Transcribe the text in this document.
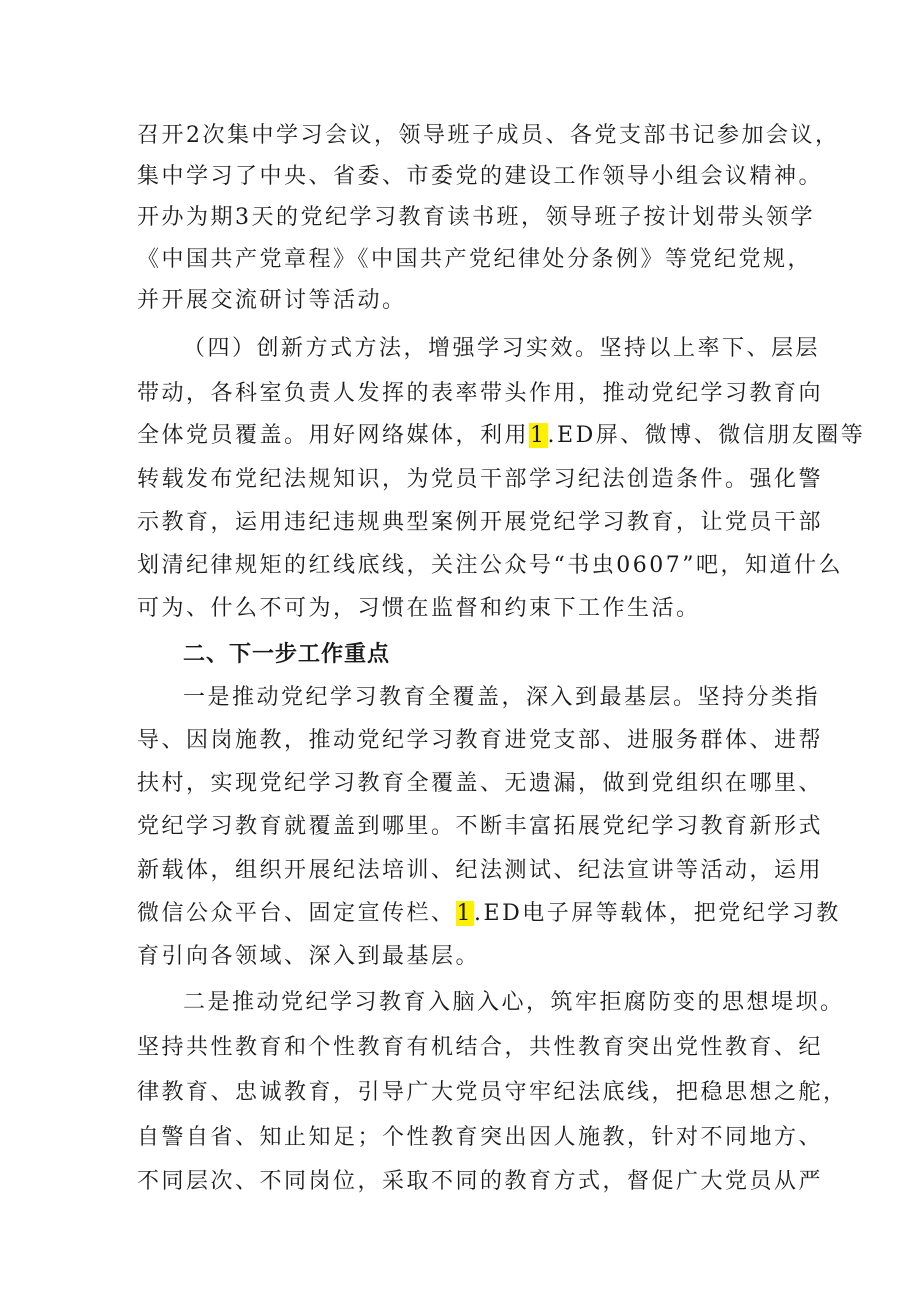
召开2次集中学习会议，领导班子成员、各党支部书记参加会议，
集中学习了中央、省委、市委党的建设工作领导小组会议精神。
开办为期3天的党纪学习教育读书班，领导班子按计划带头领学
《中国共产党章程》《中国共产党纪律处分条例》等党纪党规，
并开展交流研讨等活动。
（四）创新方式方法，增强学习实效。坚持以上率下、层层
带动，各科室负责人发挥的表率带头作用，推动党纪学习教育向
全体党员覆盖。用好网络媒体，利用1.ED屏、微博、微信朋友圈等
转载发布党纪法规知识，为党员干部学习纪法创造条件。强化警
示教育，运用违纪违规典型案例开展党纪学习教育，让党员干部
划清纪律规矩的红线底线，关注公众号“书虫0607”吧，知道什么
可为、什么不可为，习惯在监督和约束下工作生活。
二、下一步工作重点
一是推动党纪学习教育全覆盖，深入到最基层。坚持分类指
导、因岗施教，推动党纪学习教育进党支部、进服务群体、进帮
扶村，实现党纪学习教育全覆盖、无遗漏，做到党组织在哪里、
党纪学习教育就覆盖到哪里。不断丰富拓展党纪学习教育新形式
新载体，组织开展纪法培训、纪法测试、纪法宣讲等活动，运用
微信公众平台、固定宣传栏、1.ED电子屏等载体，把党纪学习教
育引向各领域、深入到最基层。
二是推动党纪学习教育入脑入心，筑牢拒腐防变的思想堤坝。
坚持共性教育和个性教育有机结合，共性教育突出党性教育、纪
律教育、忠诚教育，引导广大党员守牢纪法底线，把稳思想之舵，
自警自省、知止知足；个性教育突出因人施教，针对不同地方、
不同层次、不同岗位，采取不同的教育方式，督促广大党员从严
